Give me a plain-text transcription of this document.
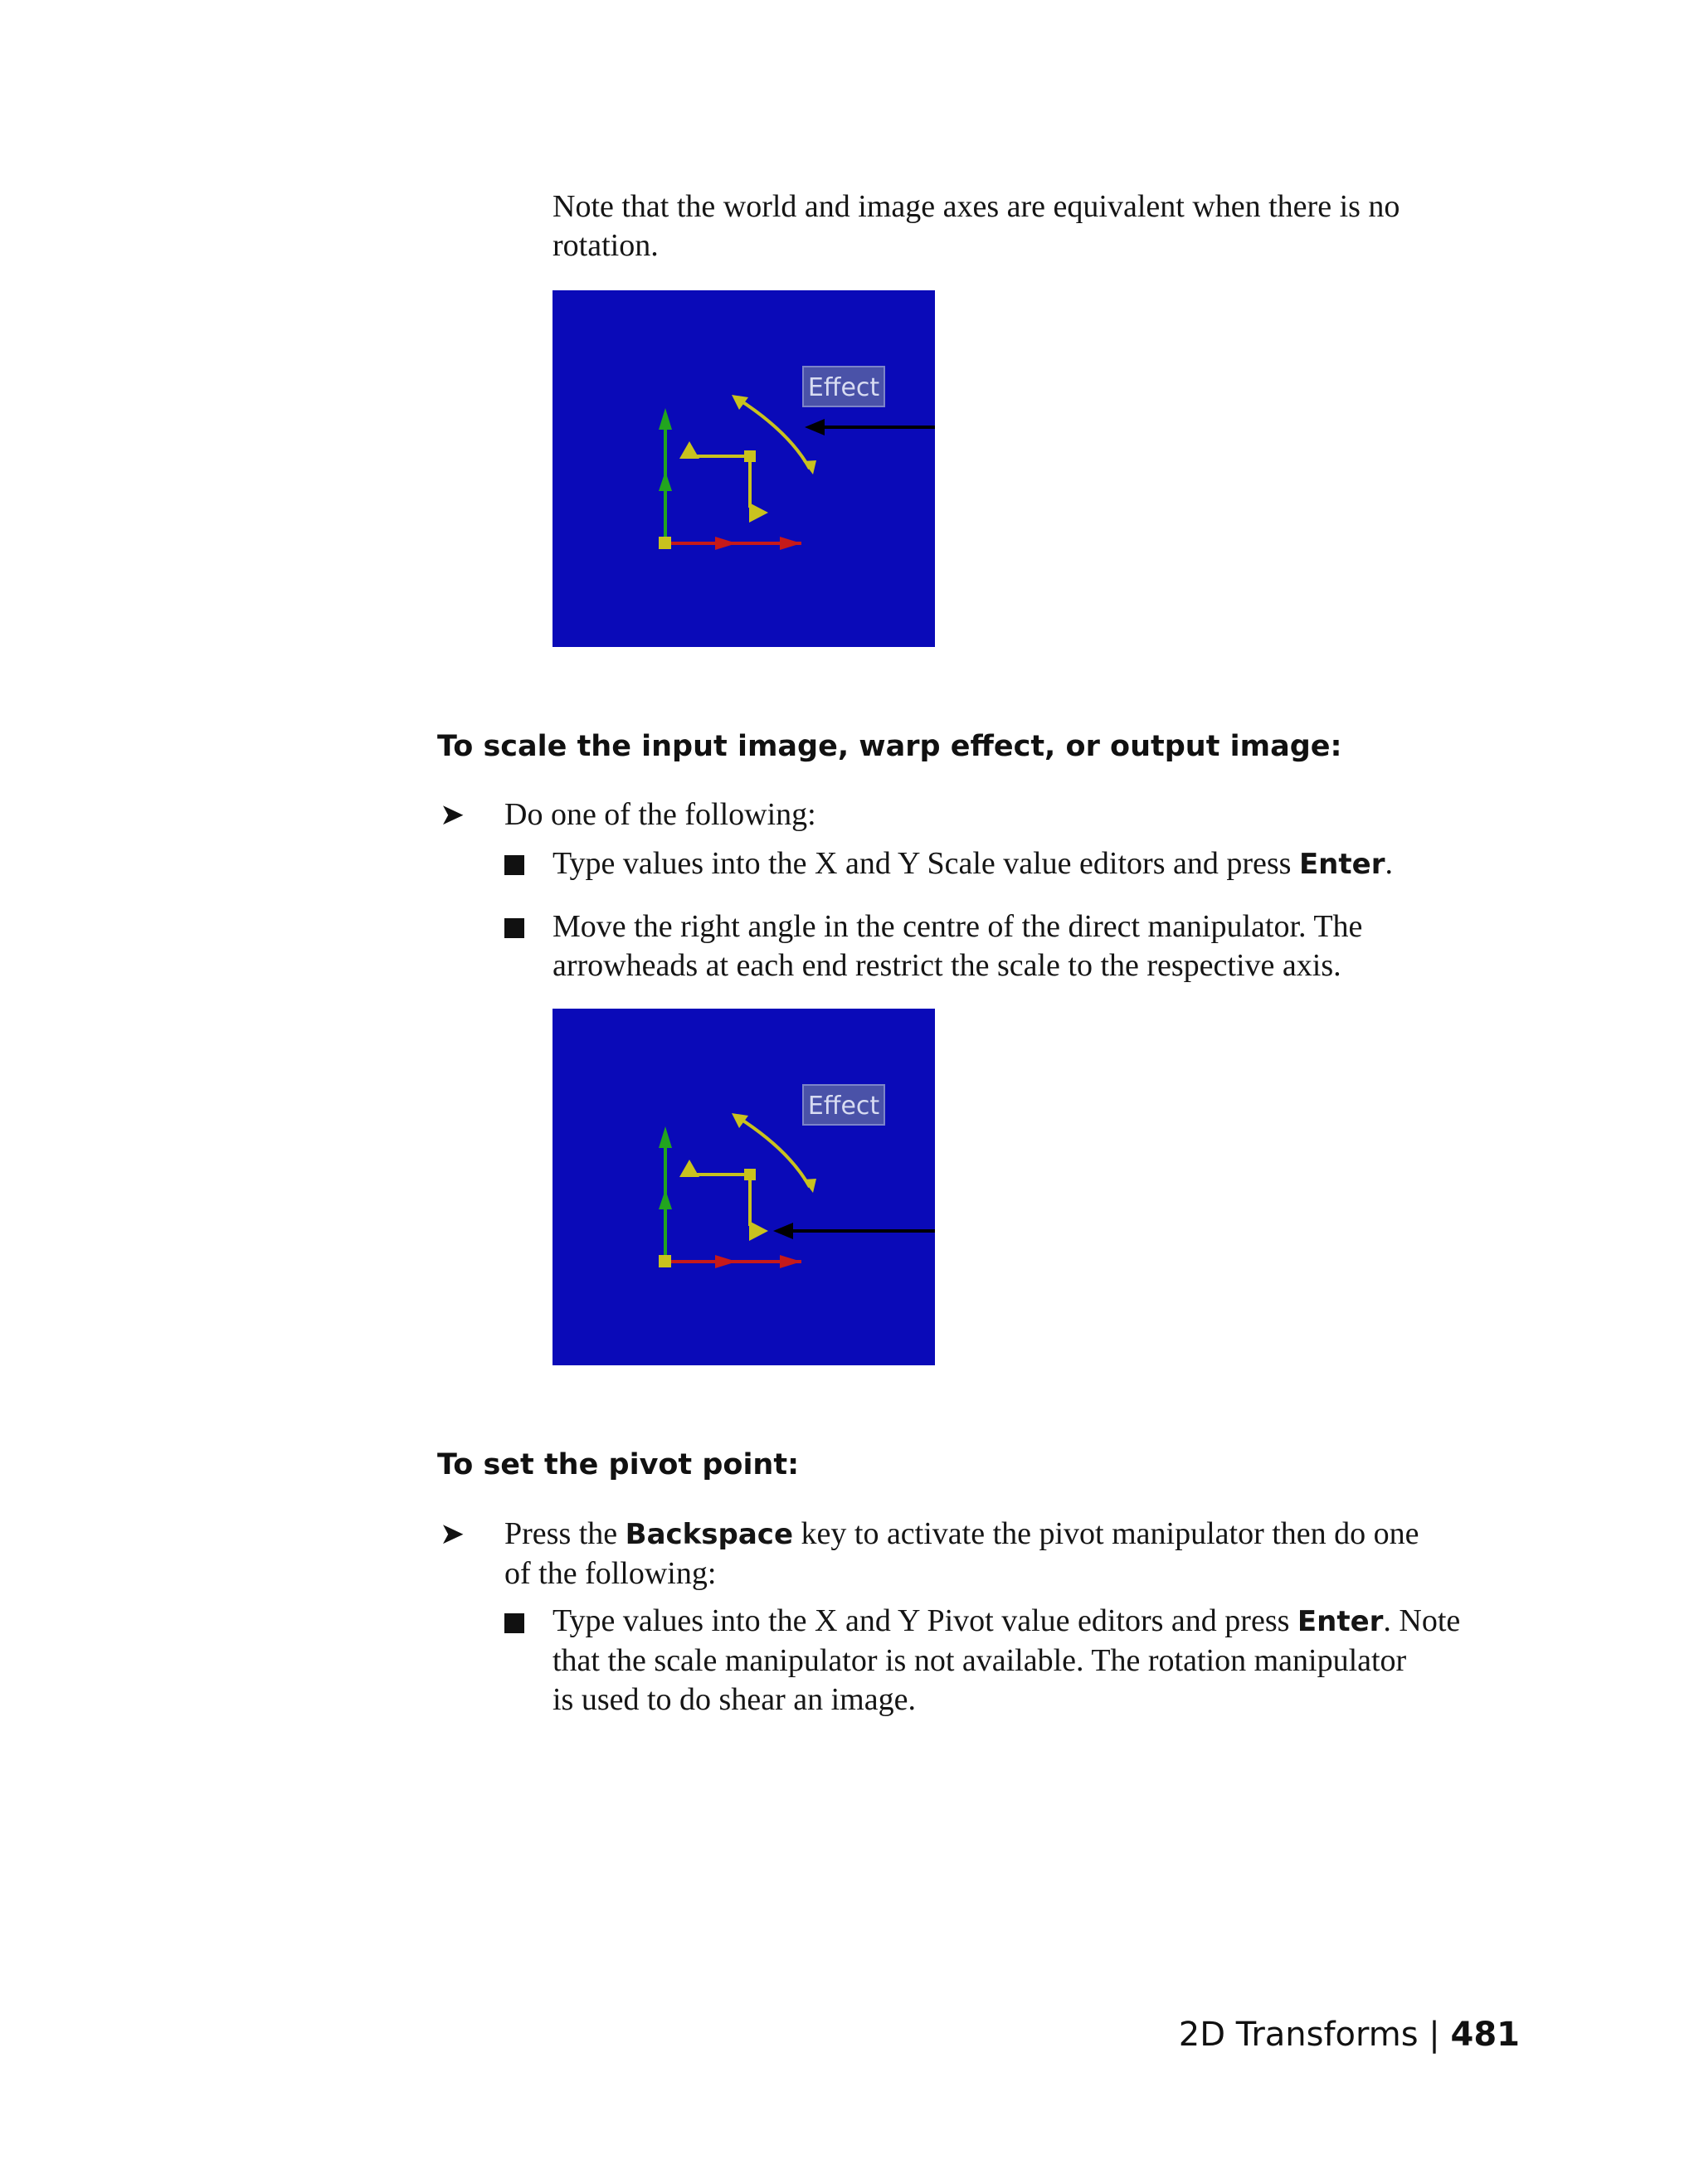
Note that the world and image axes are equivalent when there is no
rotation.
Effect
To scale the input image, warp effect, or output image:
➤ Do one of the following:
Type values into the X and Y Scale value editors and press Enter.
Move the right angle in the centre of the direct manipulator. The
arrowheads at each end restrict the scale to the respective axis.
Effect
To set the pivot point:
➤ Press the Backspace key to activate the pivot manipulator then do one
of the following:
Type values into the X and Y Pivot value editors and press Enter. Note
that the scale manipulator is not available. The rotation manipulator
is used to do shear an image.
2D Transforms | 481
